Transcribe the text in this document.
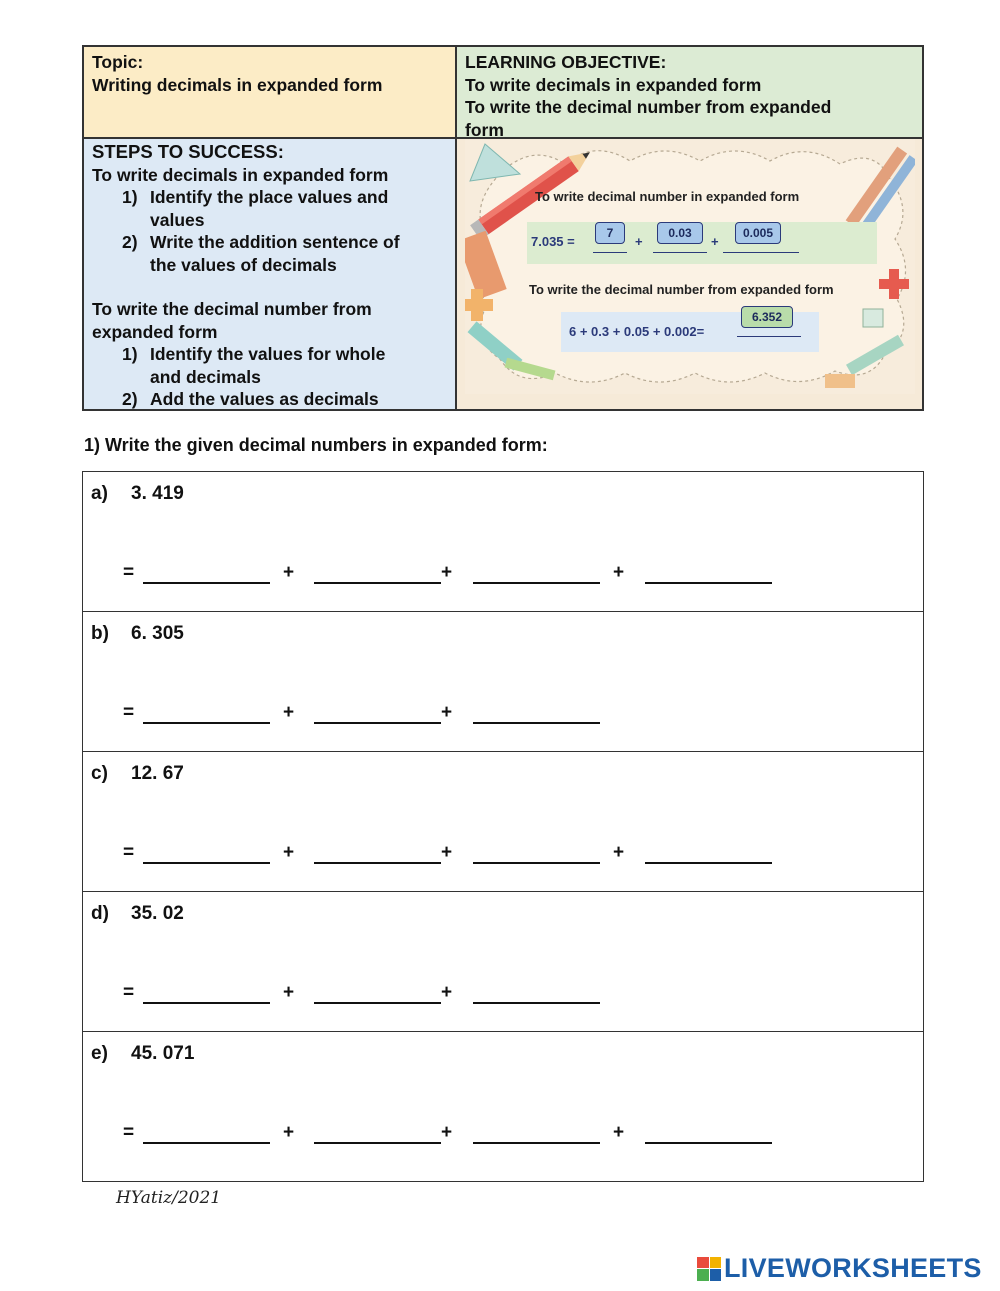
Topic:
Writing decimals in expanded form
LEARNING OBJECTIVE:
To write decimals in expanded form
To write the decimal number from expanded
form
STEPS TO SUCCESS:
To write decimals in expanded form
1) Identify the place values and
values
2) Write the addition sentence of
the values of decimals
To write the decimal number from
expanded form
1) Identify the values for whole
and decimals
2) Add the values as decimals
To write decimal number in expanded form
7.035 =
7
+
0.03
+
0.005
To write the decimal number from expanded form
6 + 0.3 + 0.05 + 0.002=
6.352
1) Write the given decimal numbers in expanded form:
a) 3. 419
=	+	+	+
b) 6. 305
=	+	+
c) 12. 67
=	+	+	+
d) 35. 02
=	+	+
e) 45. 071
=	+	+	+
HYatiz/2021
LIVEWORKSHEETS
